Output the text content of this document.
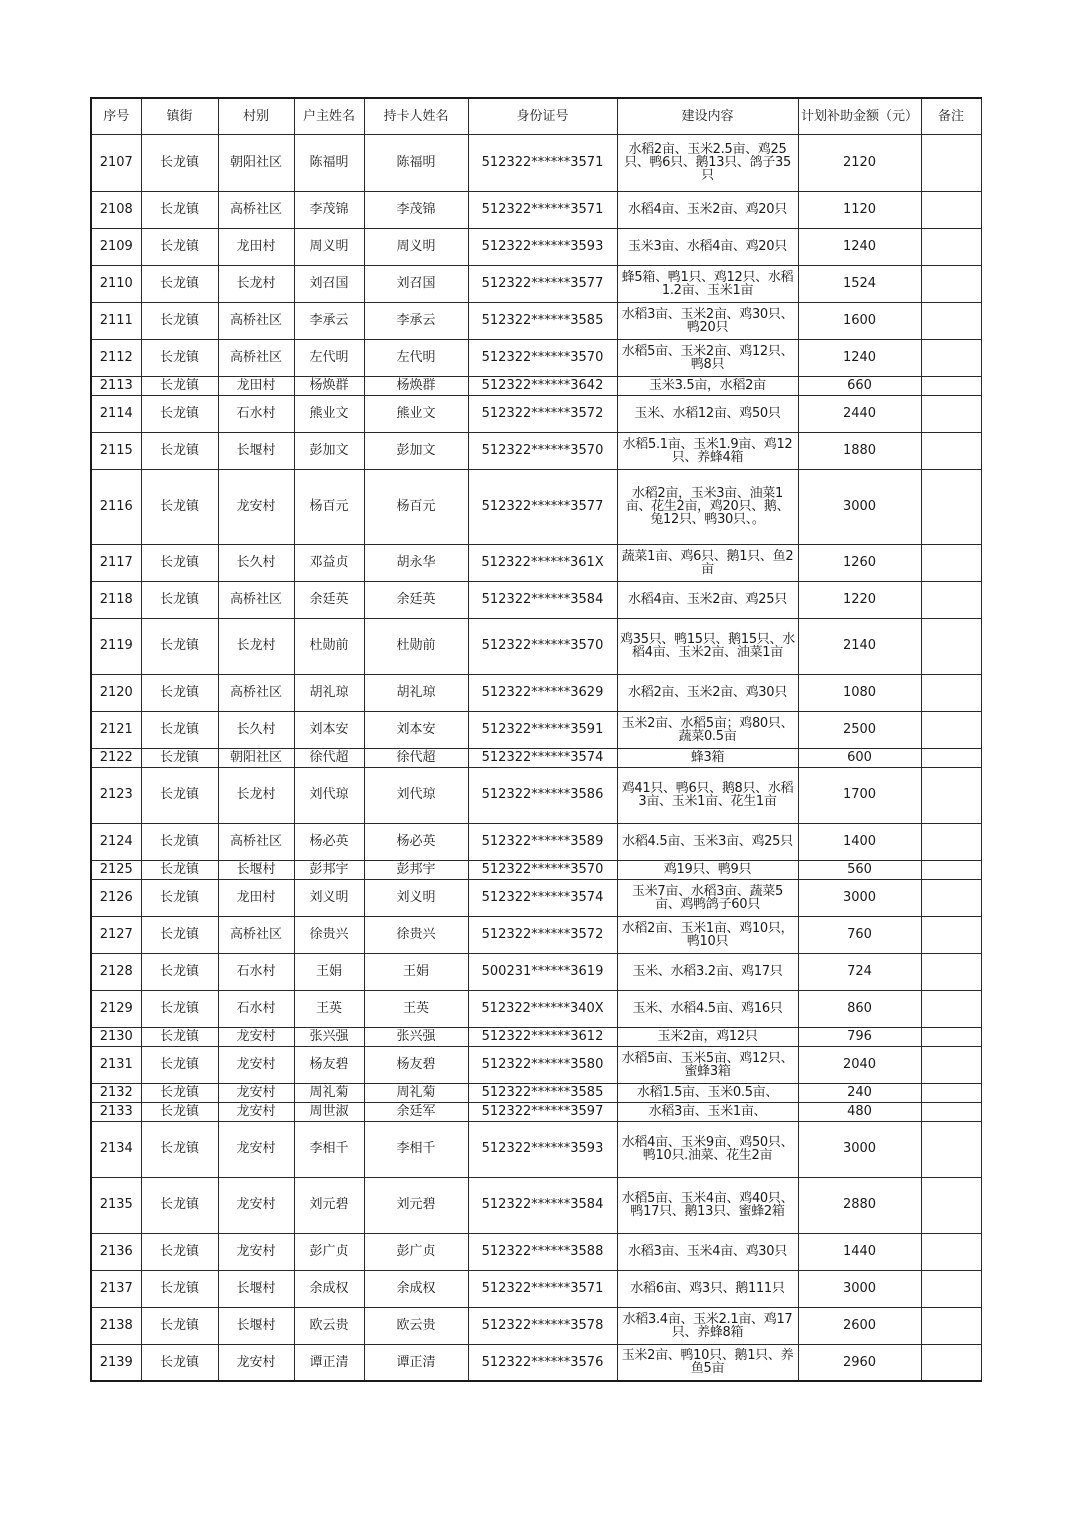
序号	镇街	村别	户主姓名	持卡人姓名	身份证号	建设内容	计划补助金额（元）	备注
2107	长龙镇	朝阳社区	陈福明	陈福明	512322******3571	水稻2亩、玉米2.5亩、鸡25只、鸭6只、鹅13只、鸽子35只	2120	
2108	长龙镇	高桥社区	李茂锦	李茂锦	512322******3571	水稻4亩、玉米2亩、鸡20只	1120	
2109	长龙镇	龙田村	周义明	周义明	512322******3593	玉米3亩、水稻4亩、鸡20只	1240	
2110	长龙镇	长龙村	刘召国	刘召国	512322******3577	蜂5箱、鸭1只、鸡12只、水稻1.2亩、玉米1亩	1524	
2111	长龙镇	高桥社区	李承云	李承云	512322******3585	水稻3亩、玉米2亩、鸡30只、鸭20只	1600	
2112	长龙镇	高桥社区	左代明	左代明	512322******3570	水稻5亩、玉米2亩、鸡12只、鸭8只	1240	
2113	长龙镇	龙田村	杨焕群	杨焕群	512322******3642	玉米3.5亩，水稻2亩	660	
2114	长龙镇	石水村	熊业文	熊业文	512322******3572	玉米、水稻12亩、鸡50只	2440	
2115	长龙镇	长堰村	彭加文	彭加文	512322******3570	水稻5.1亩、玉米1.9亩、鸡12只、养蜂4箱	1880	
2116	长龙镇	龙安村	杨百元	杨百元	512322******3577	水稻2亩，玉米3亩、油菜1亩、花生2亩，鸡20只、鹅、兔12只、鸭30只、。	3000	
2117	长龙镇	长久村	邓益贞	胡永华	512322******361X	蔬菜1亩、鸡6只、鹅1只、鱼2亩	1260	
2118	长龙镇	高桥社区	余廷英	余廷英	512322******3584	水稻4亩、玉米2亩、鸡25只	1220	
2119	长龙镇	长龙村	杜勋前	杜勋前	512322******3570	鸡35只、鸭15只、鹅15只、水稻4亩、玉米2亩、油菜1亩	2140	
2120	长龙镇	高桥社区	胡礼琼	胡礼琼	512322******3629	水稻2亩、玉米2亩、鸡30只	1080	
2121	长龙镇	长久村	刘本安	刘本安	512322******3591	玉米2亩、水稻5亩；鸡80只、蔬菜0.5亩	2500	
2122	长龙镇	朝阳社区	徐代超	徐代超	512322******3574	蜂3箱	600	
2123	长龙镇	长龙村	刘代琼	刘代琼	512322******3586	鸡41只、鸭6只、鹅8只、水稻3亩、玉米1亩、花生1亩	1700	
2124	长龙镇	高桥社区	杨必英	杨必英	512322******3589	水稻4.5亩、玉米3亩、鸡25只	1400	
2125	长龙镇	长堰村	彭邦宇	彭邦宇	512322******3570	鸡19只、鸭9只	560	
2126	长龙镇	龙田村	刘义明	刘义明	512322******3574	玉米7亩、水稻3亩、蔬菜5亩、鸡鸭鸽子60只	3000	
2127	长龙镇	高桥社区	徐贵兴	徐贵兴	512322******3572	水稻2亩、玉米1亩、鸡10只，鸭10只	760	
2128	长龙镇	石水村	王娟	王娟	500231******3619	玉米、水稻3.2亩、鸡17只	724	
2129	长龙镇	石水村	王英	王英	512322******340X	玉米、水稻4.5亩、鸡16只	860	
2130	长龙镇	龙安村	张兴强	张兴强	512322******3612	玉米2亩，鸡12只	796	
2131	长龙镇	龙安村	杨友碧	杨友碧	512322******3580	水稻5亩、玉米5亩、鸡12只、蜜蜂3箱	2040	
2132	长龙镇	龙安村	周礼菊	周礼菊	512322******3585	水稻1.5亩、玉米0.5亩、	240	
2133	长龙镇	龙安村	周世淑	余廷军	512322******3597	水稻3亩、玉米1亩、	480	
2134	长龙镇	龙安村	李相千	李相千	512322******3593	水稻4亩、玉米9亩、鸡50只、鸭10只.油菜、花生2亩	3000	
2135	长龙镇	龙安村	刘元碧	刘元碧	512322******3584	水稻5亩、玉米4亩、鸡40只、鸭17只、鹅13只、蜜蜂2箱	2880	
2136	长龙镇	龙安村	彭广贞	彭广贞	512322******3588	水稻3亩、玉米4亩、鸡30只	1440	
2137	长龙镇	长堰村	余成权	余成权	512322******3571	水稻6亩、鸡3只、鹅111只	3000	
2138	长龙镇	长堰村	欧云贵	欧云贵	512322******3578	水稻3.4亩、玉米2.1亩、鸡17只、养蜂8箱	2600	
2139	长龙镇	龙安村	谭正清	谭正清	512322******3576	玉米2亩、鸭10只、鹅1只、养鱼5亩	2960	
